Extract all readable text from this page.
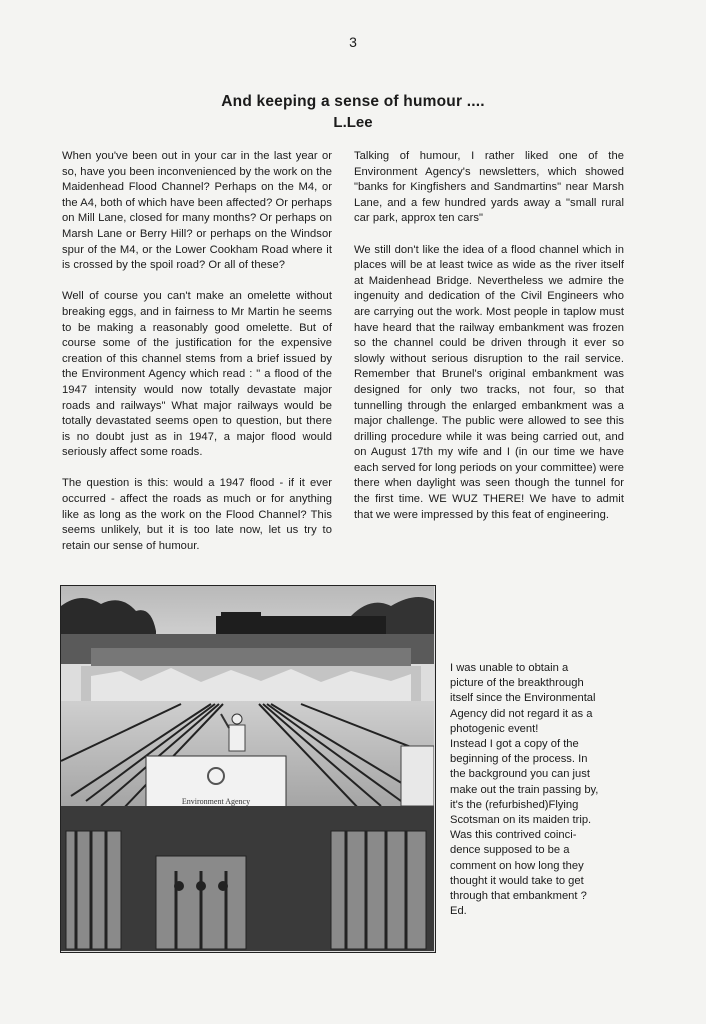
3
And keeping a sense of humour ....
L.Lee

When you've been out in your car in the last year or so, have you been inconvenienced by the work on the Maidenhead Flood Channel? Perhaps on the M4, or the A4, both of which have been affected? Or perhaps on Mill Lane, closed for many months? Or perhaps on Marsh Lane or Berry Hill? or perhaps on the Windsor spur of the M4, or the Lower Cookham Road where it is crossed by the spoil road? Or all of these?

Well of course you can't make an omelette without breaking eggs, and in fairness to Mr Martin he seems to be making a reasonably good omelette. But of course some of the justification for the expensive creation of this channel stems from a brief issued by the Environment Agency which read : " a flood of the 1947 intensity would now totally devastate major roads and railways" What major railways would be totally devastated seems open to question, but there is no doubt just as in 1947, a major flood would seriously affect some roads.

The question is this: would a 1947 flood - if it ever occurred - affect the roads as much or for anything like as long as the work on the Flood Channel? This seems unlikely, but it is too late now, let us try to retain our sense of humour.

Talking of humour, I rather liked one of the Environment Agency's newsletters, which showed "banks for Kingfishers and Sandmartins" near Marsh Lane, and a few hundred yards away a "small rural car park, approx ten cars"

We still don't like the idea of a flood channel which in places will be at least twice as wide as the river itself at Maidenhead Bridge. Nevertheless we admire the ingenuity and dedication of the Civil Engineers who are carrying out the work. Most people in taplow must have heard that the railway embankment was frozen so the channel could be driven through it ever so slowly without serious disruption to the rail service. Remember that Brunel's original embankment was designed for only two tracks, not four, so that tunnelling through the enlarged embankment was a major challenge. The public were allowed to see this drilling procedure while it was being carried out, and on August 17th my wife and I (in our time we have each served for long periods on your committee) were there when daylight was seen though the tunnel for the first time. WE WUZ THERE! We have to admit that we were impressed by this feat of engineering.

Environment Agency

I was unable to obtain a

picture of the breakthrough

itself since the Environmental

Agency did not regard it as a

photogenic event!

Instead I got a copy of the

beginning of the process. In

the background you can just

make out the train passing by,

it's the (refurbished)Flying

Scotsman on its maiden trip.

Was this contrived coinci-

dence supposed to be a

comment on how long they

thought it would take to get

through that embankment ?

Ed.
